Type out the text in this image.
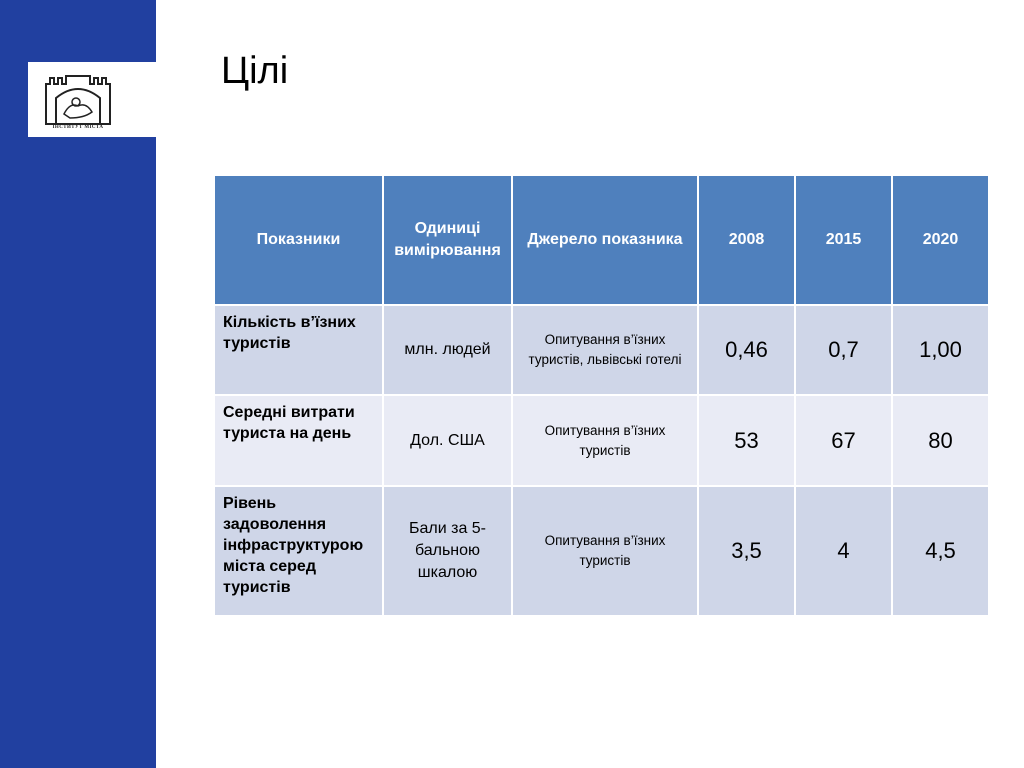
ІНСТИТУТ МІСТА
Цілі
Показники	Одиниці вимірювання	Джерело показника	2008	2015	2020
Кількість в’їзних туристів	млн. людей	Опитування в’їзних туристів, львівські готелі	0,46	0,7	1,00
Середні витрати туриста на день	Дол. США	Опитування в’їзних туристів	53	67	80
Рівень задоволення інфраструктурою міста серед туристів	Бали за 5-бальною шкалою	Опитування в’їзних туристів	3,5	4	4,5
